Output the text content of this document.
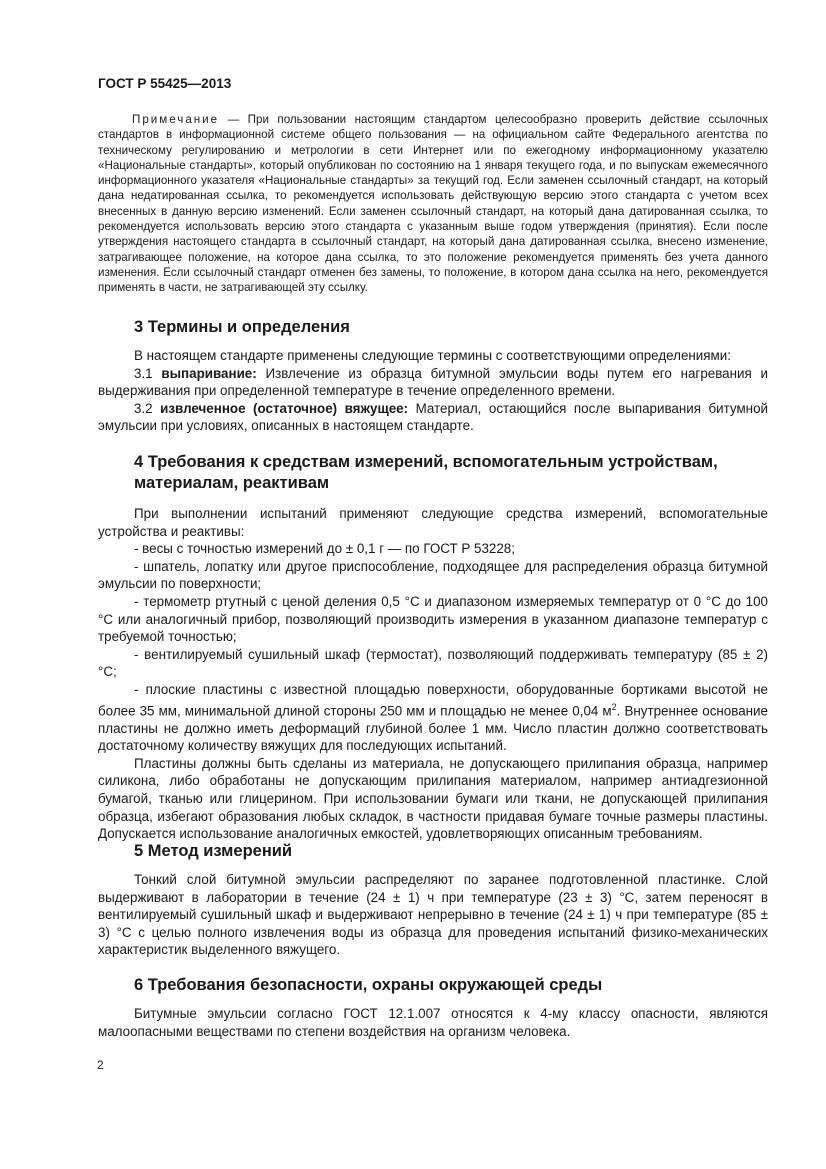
ГОСТ Р 55425—2013

Примечание — При пользовании настоящим стандартом целесообразно проверить действие ссылочных стандартов в информационной системе общего пользования — на официальном сайте Федерального агентства по техническому регулированию и метрологии в сети Интернет или по ежегодному информационному указателю «Национальные стандарты», который опубликован по состоянию на 1 января текущего года, и по выпускам ежемесячного информационного указателя «Национальные стандарты» за текущий год. Если заменен ссылочный стандарт, на который дана недатированная ссылка, то рекомендуется использовать действующую версию этого стандарта с учетом всех внесенных в данную версию изменений. Если заменен ссылочный стандарт, на который дана датированная ссылка, то рекомендуется использовать версию этого стандарта с указанным выше годом утверждения (принятия). Если после утверждения настоящего стандарта в ссылочный стандарт, на который дана датированная ссылка, внесено изменение, затрагивающее положение, на которое дана ссылка, то это положение рекомендуется применять без учета данного изменения. Если ссылочный стандарт отменен без замены, то положение, в котором дана ссылка на него, рекомендуется применять в части, не затрагивающей эту ссылку.

3 Термины и определения

В настоящем стандарте применены следующие термины с соответствующими определениями:

3.1 выпаривание: Извлечение из образца битумной эмульсии воды путем его нагревания и выдерживания при определенной температуре в течение определенного времени.

3.2 извлеченное (остаточное) вяжущее: Материал, остающийся после выпаривания битумной эмульсии при условиях, описанных в настоящем стандарте.

4 Требования к средствам измерений, вспомогательным устройствам,
материалам, реактивам

При выполнении испытаний применяют следующие средства измерений, вспомогательные устройства и реактивы:

- весы с точностью измерений до ± 0,1 г — по ГОСТ Р 53228;

- шпатель, лопатку или другое приспособление, подходящее для распределения образца битумной эмульсии по поверхности;

- термометр ртутный с ценой деления 0,5 °С и диапазоном измеряемых температур от 0 °С до 100 °С или аналогичный прибор, позволяющий производить измерения в указанном диапазоне температур с требуемой точностью;

- вентилируемый сушильный шкаф (термостат), позволяющий поддерживать температуру (85 ± 2) °С;

- плоские пластины с известной площадью поверхности, оборудованные бортиками высотой не более 35 мм, минимальной длиной стороны 250 мм и площадью не менее 0,04 $м^2$. Внутреннее основание пластины не должно иметь деформаций глубиной более 1 мм. Число пластин должно соответствовать достаточному количеству вяжущих для последующих испытаний.

Пластины должны быть сделаны из материала, не допускающего прилипания образца, например силикона, либо обработаны не допускающим прилипания материалом, например антиадгезионной бумагой, тканью или глицерином. При использовании бумаги или ткани, не допускающей прилипания образца, избегают образования любых складок, в частности придавая бумаге точные размеры пластины. Допускается использование аналогичных емкостей, удовлетворяющих описанным требованиям.

5 Метод измерений

Тонкий слой битумной эмульсии распределяют по заранее подготовленной пластинке. Слой выдерживают в лаборатории в течение (24 ± 1) ч при температуре (23 ± 3) °С, затем переносят в вентилируемый сушильный шкаф и выдерживают непрерывно в течение (24 ± 1) ч при температуре (85 ± 3) °С с целью полного извлечения воды из образца для проведения испытаний физико-механических характеристик выделенного вяжущего.

6 Требования безопасности, охраны окружающей среды

Битумные эмульсии согласно ГОСТ 12.1.007 относятся к 4-му классу опасности, являются малоопасными веществами по степени воздействия на организм человека.

2
